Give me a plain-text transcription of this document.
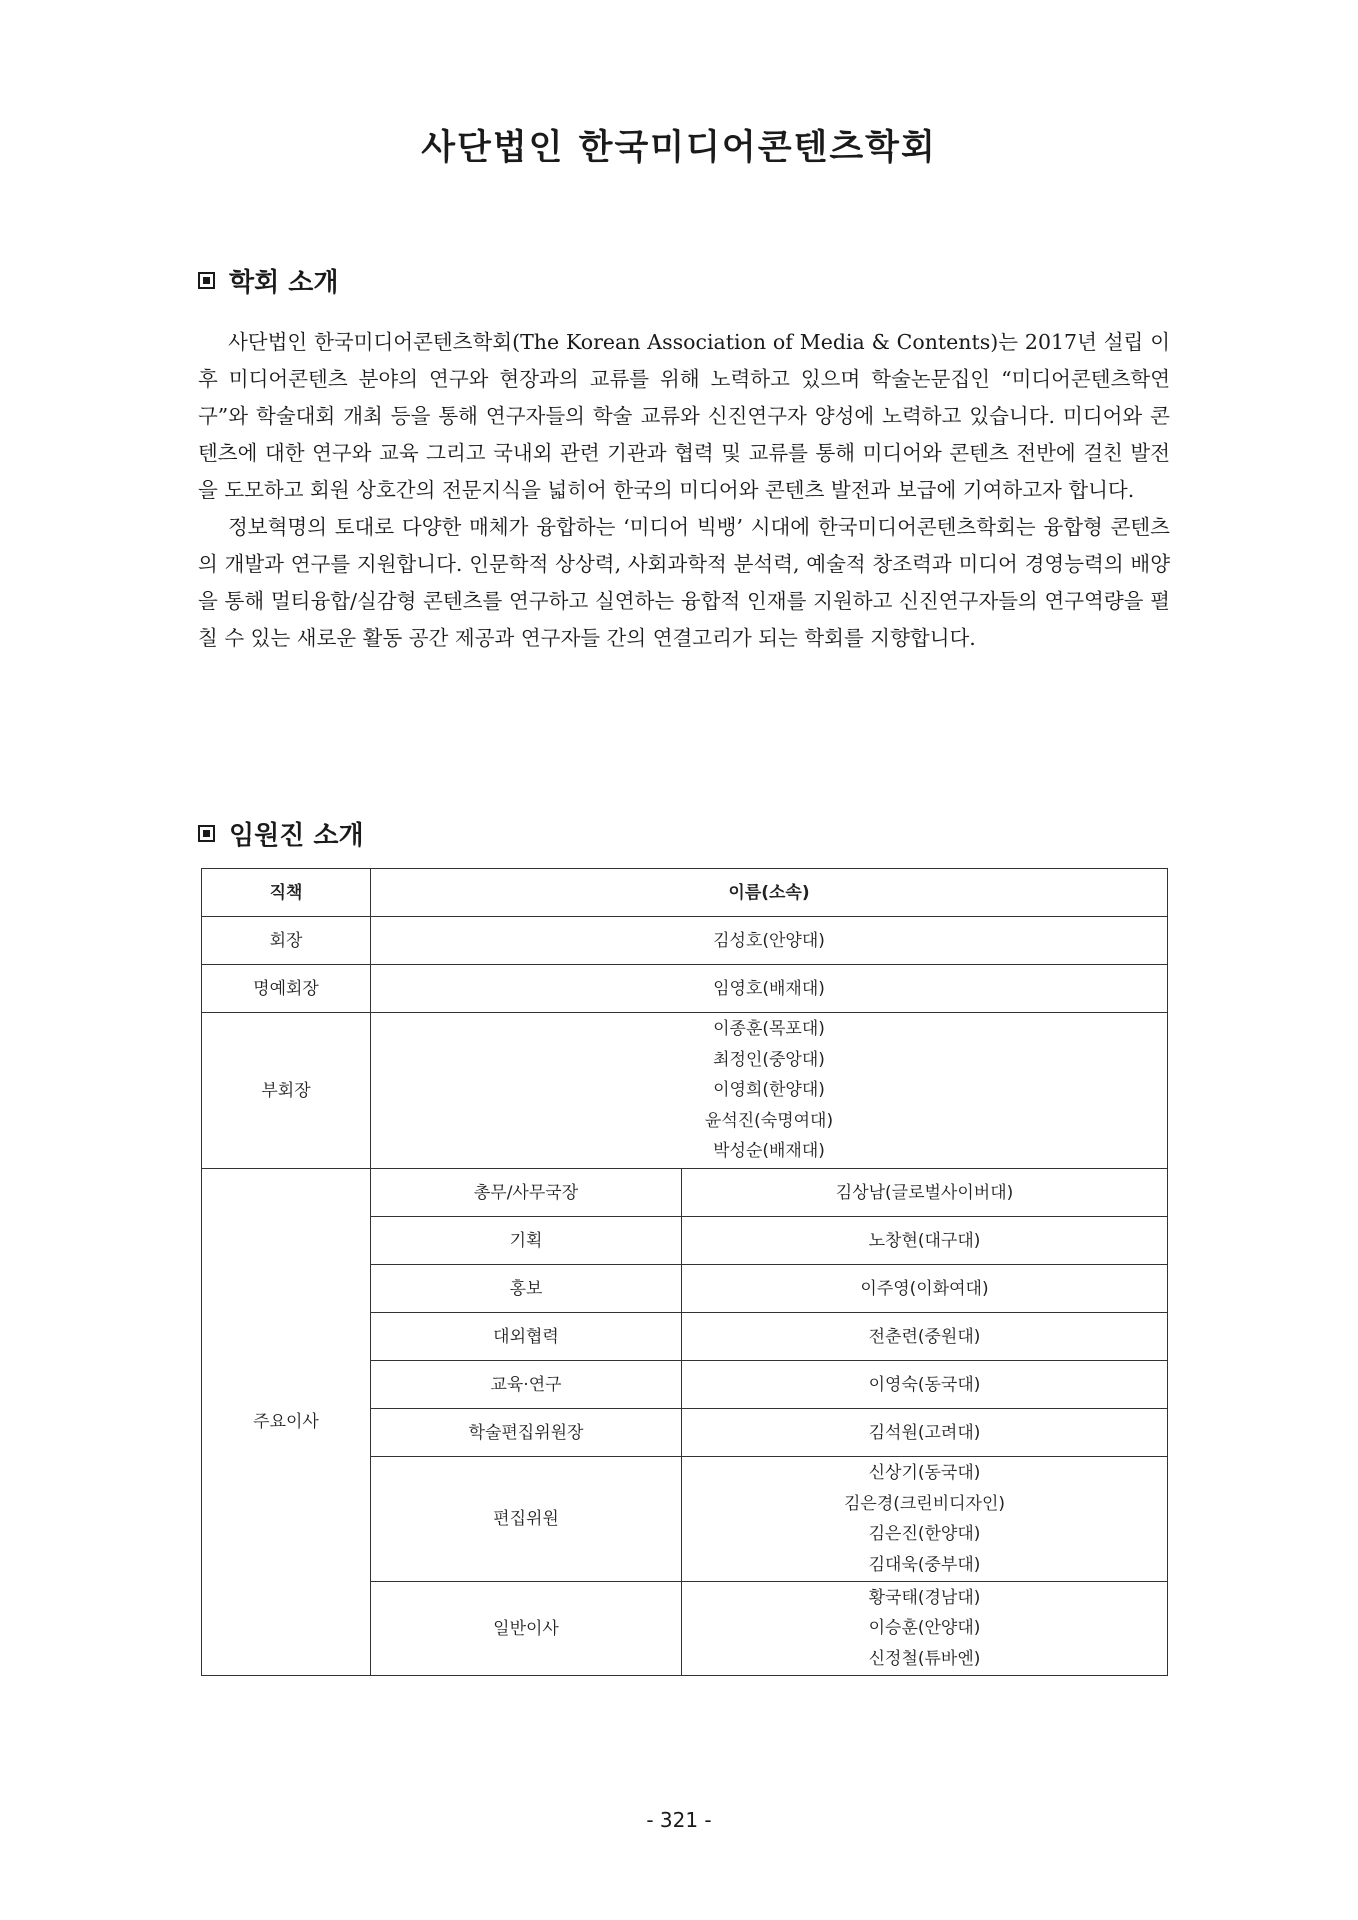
사단법인 한국미디어콘텐츠학회
학회 소개

사단법인 한국미디어콘텐츠학회(The Korean Association of Media & Contents)는 2017년 설립 이후 미디어콘텐츠 분야의 연구와 현장과의 교류를 위해 노력하고 있으며 학술논문집인 “미디어콘텐츠학연구”와 학술대회 개최 등을 통해 연구자들의 학술 교류와 신진연구자 양성에 노력하고 있습니다. 미디어와 콘텐츠에 대한 연구와 교육 그리고 국내외 관련 기관과 협력 및 교류를 통해 미디어와 콘텐츠 전반에 걸친 발전을 도모하고 회원 상호간의 전문지식을 넓히어 한국의 미디어와 콘텐츠 발전과 보급에 기여하고자 합니다.

정보혁명의 토대로 다양한 매체가 융합하는 ‘미디어 빅뱅’ 시대에 한국미디어콘텐츠학회는 융합형 콘텐츠의 개발과 연구를 지원합니다. 인문학적 상상력, 사회과학적 분석력, 예술적 창조력과 미디어 경영능력의 배양을 통해 멀티융합/실감형 콘텐츠를 연구하고 실연하는 융합적 인재를 지원하고 신진연구자들의 연구역량을 펼칠 수 있는 새로운 활동 공간 제공과 연구자들 간의 연결고리가 되는 학회를 지향합니다.

임원진 소개
직책	이름(소속)	
회장	김성호(안양대)	
명예회장	임영호(배재대)	
부회장	이종훈(목포대)
최정인(중앙대)
이영희(한양대)
윤석진(숙명여대)
박성순(배재대)	

주요이사	총무/사무국장	김상남(글로벌사이버대)
	기획	노창현(대구대)
	홍보	이주영(이화여대)
	대외협력	전춘련(중원대)
	교육·연구	이영숙(동국대)
	학술편집위원장	김석원(고려대)
	편집위원	신상기(동국대)
김은경(크린비디자인)
김은진(한양대)
김대욱(중부대)

	일반이사	황국태(경남대)
이승훈(안양대)
신정철(튜바엔)
- 321 -
